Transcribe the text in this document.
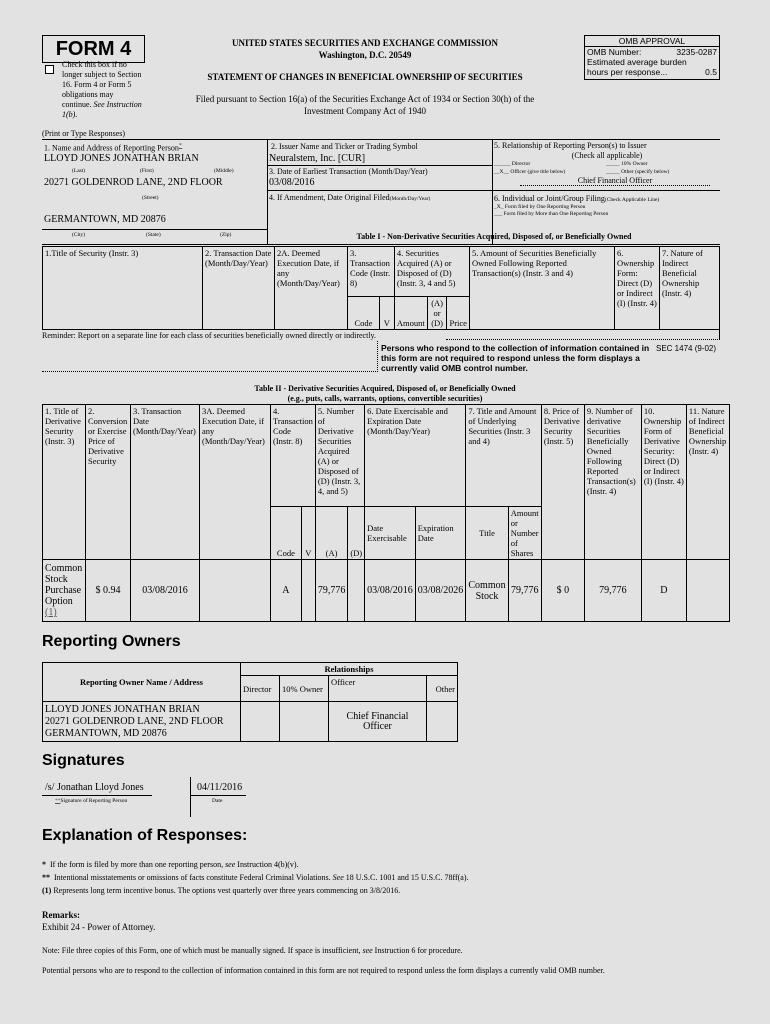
FORM 4
Check this box if no longer subject to Section 16. Form 4 or Form 5 obligations may continue. See Instruction 1(b).
UNITED STATES SECURITIES AND EXCHANGE COMMISSION
Washington, D.C. 20549
STATEMENT OF CHANGES IN BENEFICIAL OWNERSHIP OF SECURITIES
Filed pursuant to Section 16(a) of the Securities Exchange Act of 1934 or Section 30(h) of the
Investment Company Act of 1940
OMB APPROVAL
OMB Number:	3235-0287
Estimated average burden
hours per response...	0.5
(Print or Type Responses)
1. Name and Address of Reporting Person*
LLOYD JONES JONATHAN BRIAN
(Last)	(First)	(Middle)
20271 GOLDENROD LANE, 2ND FLOOR
(Street)
GERMANTOWN, MD 20876
(City)	(State)	(Zip)
2. Issuer Name and Ticker or Trading Symbol
Neuralstem, Inc. [CUR]
3. Date of Earliest Transaction (Month/Day/Year)
03/08/2016
4. If Amendment, Date Original Filed(Month/Day/Year)
5. Relationship of Reporting Person(s) to Issuer
(Check all applicable)
______ Director	_____ 10% Owner
__X__ Officer (give title below)	_____ Other (specify below)
Chief Financial Officer
6. Individual or Joint/Group Filing(Check Applicable Line)
_X_ Form filed by One Reporting Person
___ Form filed by More than One Reporting Person
Table I - Non-Derivative Securities Acquired, Disposed of, or Beneficially Owned
1.Title of Security (Instr. 3)	2. Transaction Date (Month/Day/Year)	2A. Deemed Execution Date, if any (Month/Day/Year)	3. Transaction Code (Instr. 8)		4. Securities Acquired (A) or Disposed of (D) (Instr. 3, 4 and 5)			5. Amount of Securities Beneficially Owned Following Reported Transaction(s) (Instr. 3 and 4)	6. Ownership Form: Direct (D) or Indirect (I) (Instr. 4)	7. Nature of Indirect Beneficial Ownership (Instr. 4)
			Code	V	Amount	(A) or (D)	Price			
Reminder: Report on a separate line for each class of securities beneficially owned directly or indirectly.
Persons who respond to the collection of information contained in this form are not required to respond unless the form displays a currently valid OMB control number.
SEC 1474 (9-02)
Table II - Derivative Securities Acquired, Disposed of, or Beneficially Owned
(e.g., puts, calls, warrants, options, convertible securities)
1. Title of Derivative Security (Instr. 3)	2. Conversion or Exercise Price of Derivative Security	3. Transaction Date (Month/Day/Year)	3A. Deemed Execution Date, if any (Month/Day/Year)	4. Transaction Code (Instr. 8)		5. Number of Derivative Securities Acquired (A) or Disposed of (D) (Instr. 3, 4, and 5)		6. Date Exercisable and Expiration Date (Month/Day/Year)		7. Title and Amount of Underlying Securities (Instr. 3 and 4)		8. Price of Derivative Security (Instr. 5)	9. Number of derivative Securities Beneficially Owned Following Reported Transaction(s) (Instr. 4)	10. Ownership Form of Derivative Security: Direct (D) or Indirect (I) (Instr. 4)	11. Nature of Indirect Beneficial Ownership (Instr. 4)
				Code	V	(A)	(D)	Date Exercisable	Expiration Date	Title	Amount or Number of Shares				
Common Stock Purchase Option
(1)	$ 0.94	03/08/2016		A		79,776		03/08/2016	03/08/2026	Common Stock	79,776	$ 0	79,776	D	
Reporting Owners
Reporting Owner Name / Address	Relationships			
	Director	10% Owner	Officer	Other

LLOYD JONES JONATHAN BRIAN
20271 GOLDENROD LANE, 2ND FLOOR
GERMANTOWN, MD 20876			Chief Financial Officer	
Signatures
/s/ Jonathan Lloyd Jones
**Signature of Reporting Person
04/11/2016
Date
Explanation of Responses:
* If the form is filed by more than one reporting person, see Instruction 4(b)(v).
** Intentional misstatements or omissions of facts constitute Federal Criminal Violations. See 18 U.S.C. 1001 and 15 U.S.C. 78ff(a).
(1) Represents long term incentive bonus. The options vest quarterly over three years commencing on 3/8/2016.
Remarks:
Exhibit 24 - Power of Attorney.
Note: File three copies of this Form, one of which must be manually signed. If space is insufficient, see Instruction 6 for procedure.
Potential persons who are to respond to the collection of information contained in this form are not required to respond unless the form displays a currently valid OMB number.
